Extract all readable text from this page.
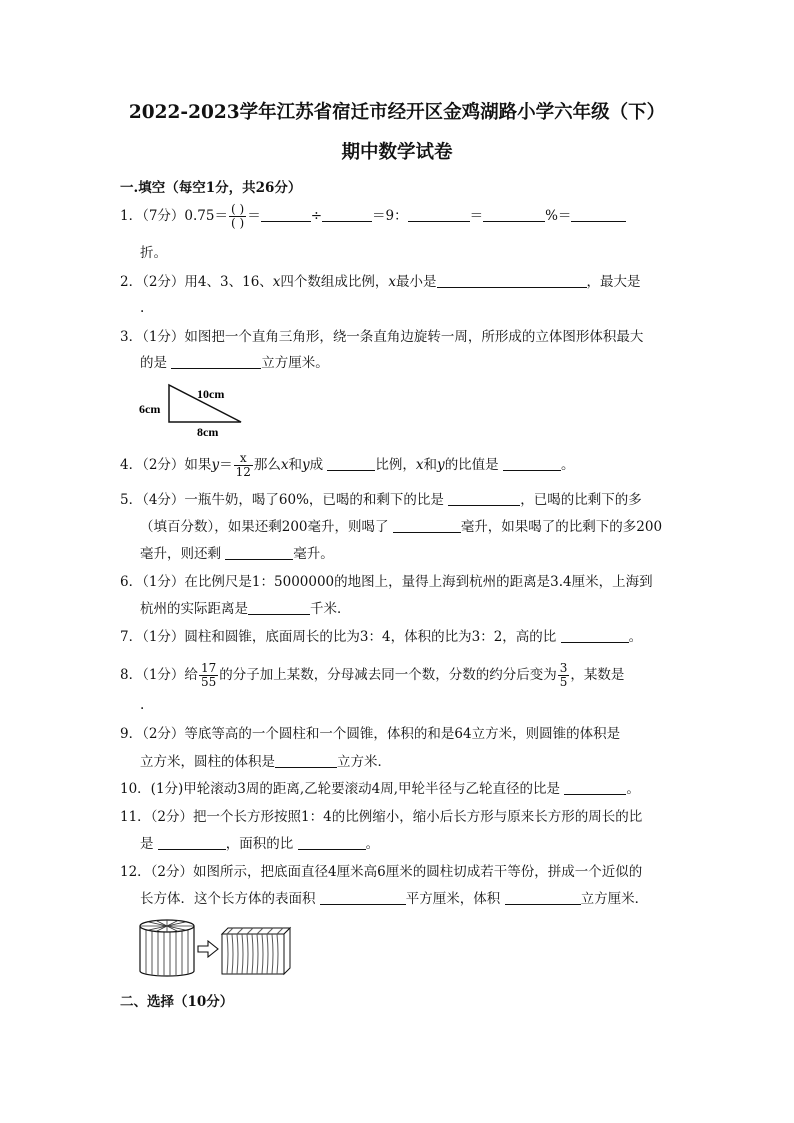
2022-2023学年江苏省宿迁市经开区金鸡湖路小学六年级（下）
期中数学试卷
一.填空（每空1分，共26分）
1．（7分）$0.75= \frac{( )}{( )}$ ＝	÷	＝9：	＝	%＝
折。
2．（2分）用4、3、16、x四个数组成比例，x最小是	，最大是
.
3．（1分）如图把一个直角三角形，绕一条直角边旋转一周，所形成的立体图形体积最大
的是	立方厘米。
10cm
6cm
8cm
4．（2分）如果$y= \frac{x}{12}$ 那么x和y成	比例，x和y的比值是	。
5．（4分）一瓶牛奶，喝了60%，已喝的和剩下的比是	，已喝的比剩下的多
（填百分数），如果还剩200毫升，则喝了	毫升，如果喝了的比剩下的多200
毫升，则还剩	毫升。
6．（1分）在比例尺是1：5000000的地图上，量得上海到杭州的距离是3.4厘米，上海到
杭州的实际距离是	千米．
7．（1分）圆柱和圆锥，底面周长的比为3：4，体积的比为3：2，高的比	。
8．（1分）给 $\frac{17}{55}$ 的分子加上某数，分母减去同一个数，分数的约分后变为 $\frac{3}{5}$ ，某数是
.
9．（2分）等底等高的一个圆柱和一个圆锥，体积的和是64立方米，则圆锥的体积是
立方米，圆柱的体积是	立方米．
10．(1分)甲轮滚动3周的距离,乙轮要滚动4周,甲轮半径与乙轮直径的比是	。
11．（2分）把一个长方形按照1：4的比例缩小，缩小后长方形与原来长方形的周长的比
是	，面积的比	。
12．（2分）如图所示，把底面直径4厘米高6厘米的圆柱切成若干等份，拼成一个近似的
长方体．这个长方体的表面积	平方厘米，体积	立方厘米．
二、选择（10分）
